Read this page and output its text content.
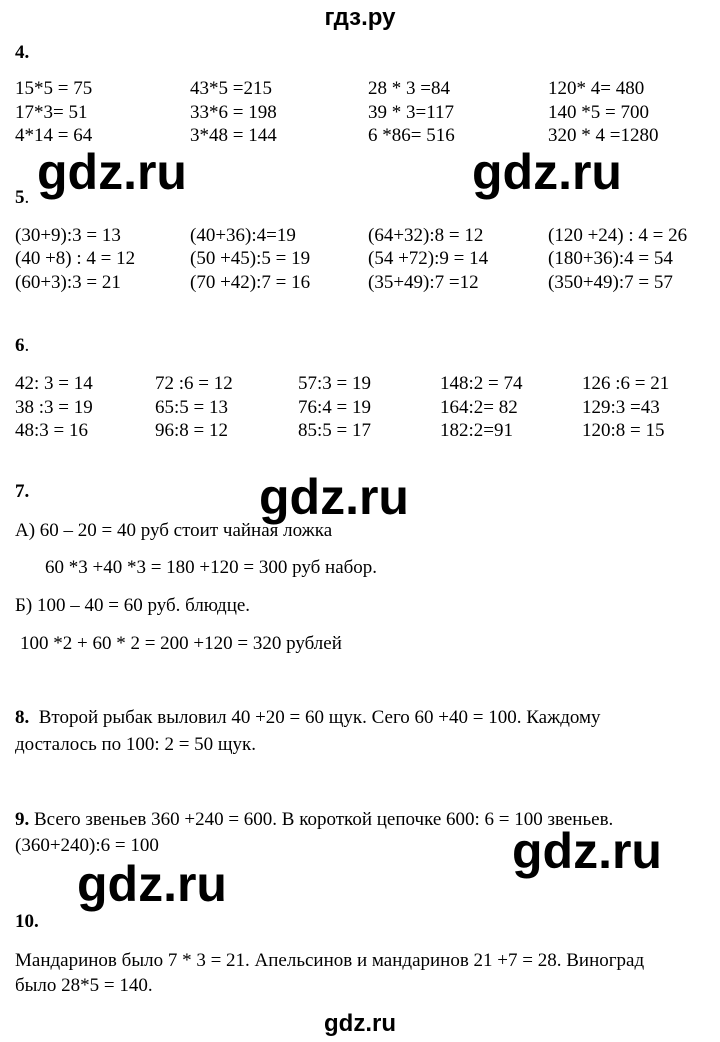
гдз.ру
4.
15*5 = 75	43*5 =215	28 * 3 =84	120* 4= 480
17*3= 51	33*6 = 198	39 * 3=117	140 *5 = 700
4*14 = 64	3*48 = 144	6 *86= 516	320 * 4 =1280
gdz.ru	gdz.ru
5.
(30+9):3 = 13	(40+36):4=19	(64+32):8 = 12	(120 +24) : 4 = 26
(40 +8) : 4 = 12	(50 +45):5 = 19	(54 +72):9 = 14	(180+36):4 = 54
(60+3):3 = 21	(70 +42):7 = 16	(35+49):7 =12	(350+49):7 = 57
6.
42: 3 = 14	72 :6 = 12	57:3 = 19	148:2 = 74	126 :6 = 21
38 :3 = 19	65:5 = 13	76:4 = 19	164:2= 82	129:3 =43
48:3 = 16	96:8 = 12	85:5 = 17	182:2=91	120:8 = 15
7.	gdz.ru
А) 60 – 20 = 40 руб стоит чайная ложка
60 *3 +40 *3 = 180 +120 = 300 руб набор.
Б) 100 – 40 = 60 руб. блюдце.
100 *2 + 60 * 2 = 200 +120 = 320 рублей
8. Второй рыбак выловил 40 +20 = 60 щук. Сего 60 +40 = 100. Каждому
досталось по 100: 2 = 50 щук.
9. Всего звеньев 360 +240 = 600. В короткой цепочке 600: 6 = 100 звеньев.
gdz.ru
(360+240):6 = 100
gdz.ru
10.
Мандаринов было 7 * 3 = 21. Апельсинов и мандаринов 21 +7 = 28. Виноград
было 28*5 = 140.
gdz.ru
